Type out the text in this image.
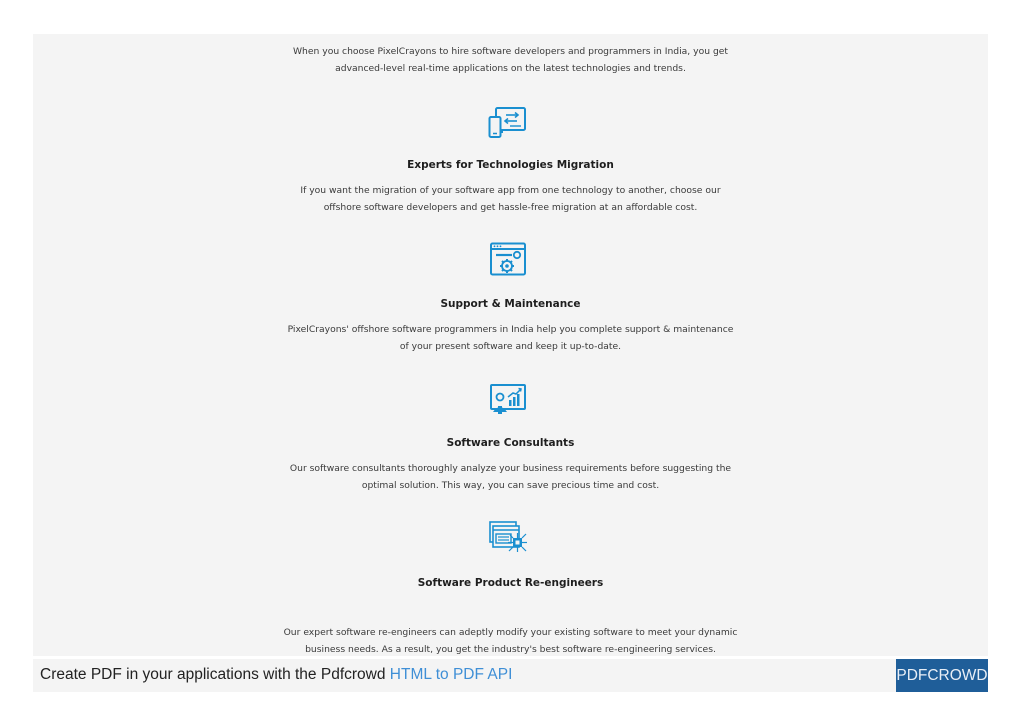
When you choose PixelCrayons to hire software developers and programmers in India, you get
advanced-level real-time applications on the latest technologies and trends.
Experts for Technologies Migration
If you want the migration of your software app from one technology to another, choose our
offshore software developers and get hassle-free migration at an affordable cost.
Support & Maintenance
PixelCrayons' offshore software programmers in India help you complete support & maintenance
of your present software and keep it up-to-date.
Software Consultants
Our software consultants thoroughly analyze your business requirements before suggesting the
optimal solution. This way, you can save precious time and cost.
Software Product Re-engineers
Our expert software re-engineers can adeptly modify your existing software to meet your dynamic
business needs. As a result, you get the industry's best software re-engineering services.
Create PDF in your applications with the Pdfcrowd HTML to PDF API	PDFCROWD
